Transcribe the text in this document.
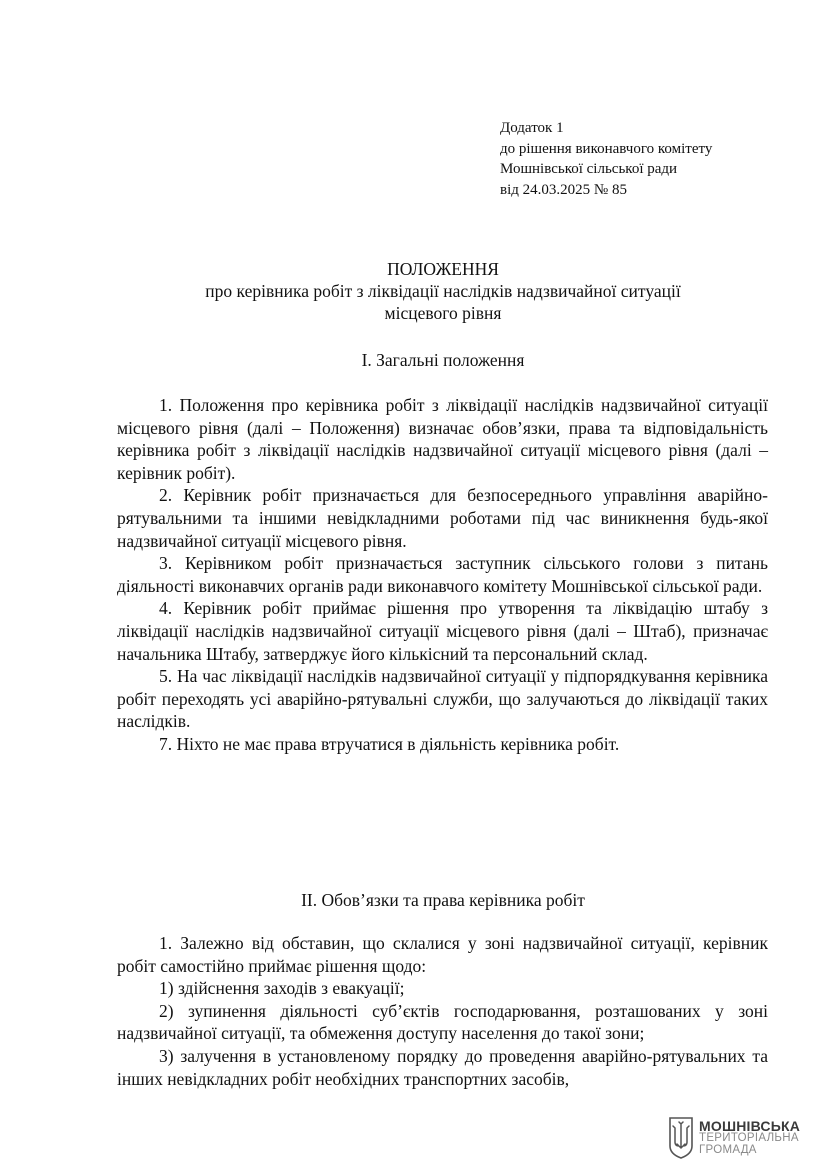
Додаток 1
до рішення виконавчого комітету
Мошнівської сільської ради
від 24.03.2025 № 85
ПОЛОЖЕННЯ
про керівника робіт з ліквідації наслідків надзвичайної ситуації
місцевого рівня
І. Загальні положення

1. Положення про керівника робіт з ліквідації наслідків надзвичайної ситуації місцевого рівня (далі – Положення) визначає обов’язки, права та відповідальність керівника робіт з ліквідації наслідків надзвичайної ситуації місцевого рівня (далі – керівник робіт).

2. Керівник робіт призначається для безпосереднього управління аварійно-рятувальними та іншими невідкладними роботами під час виникнення будь-якої надзвичайної ситуації місцевого рівня.

3. Керівником робіт призначається заступник сільського голови з питань діяльності виконавчих органів ради виконавчого комітету Мошнівської сільської ради.

4. Керівник робіт приймає рішення про утворення та ліквідацію штабу з ліквідації наслідків надзвичайної ситуації місцевого рівня (далі – Штаб), призначає начальника Штабу, затверджує його кількісний та персональний склад.

5. На час ліквідації наслідків надзвичайної ситуації у підпорядкування керівника робіт переходять усі аварійно-рятувальні служби, що залучаються до ліквідації таких наслідків.

7. Ніхто не має права втручатися в діяльність керівника робіт.

ІІ. Обов’язки та права керівника робіт

1. Залежно від обставин, що склалися у зоні надзвичайної ситуації, керівник робіт самостійно приймає рішення щодо:

1) здійснення заходів з евакуації;

2) зупинення діяльності суб’єктів господарювання, розташованих у зоні надзвичайної ситуації, та обмеження доступу населення до такої зони;

3) залучення в установленому порядку до проведення аварійно-рятувальних та інших невідкладних робіт необхідних транспортних засобів,

МОШНІВСЬКА
ТЕРИТОРІАЛЬНА
ГРОМАДА
